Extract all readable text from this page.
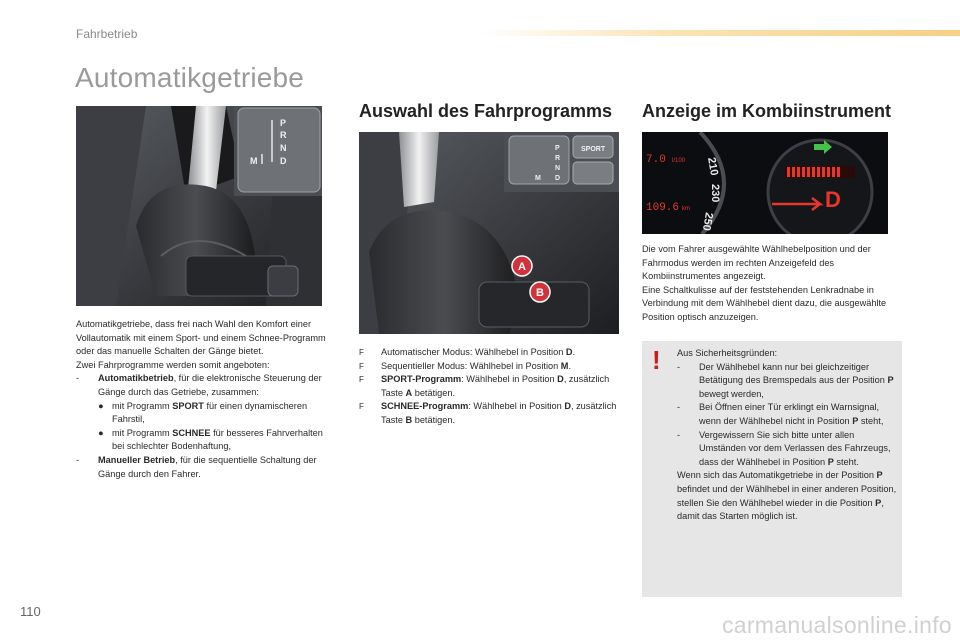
Fahrbetrieb
Automatikgetriebe
P
R
N
D
M
SPORT
P
R
N
D
M
A
B
7.0 l/100
109.6 km
210
230
250
D
Auswahl des Fahrprogramms Anzeige im Kombiinstrument

Automatikgetriebe, dass frei nach Wahl den Komfort einer Vollautomatik mit einem Sport- und einem Schnee-Programm oder das manuelle Schalten der Gänge bietet.

Zwei Fahrprogramme werden somit angeboten:

-	Automatikbetrieb, für die elektronische Steuerung der Gänge durch das Getriebe, zusammen:
● mit Programm SPORT für einen dynamischeren Fahrstil,
● mit Programm SCHNEE für besseres Fahrverhalten bei schlechter Bodenhaftung,
-	Manueller Betrieb, für die sequentielle Schaltung der Gänge durch den Fahrer.
F	Automatischer Modus: Wählhebel in Position D.
F	Sequentieller Modus: Wählhebel in Position M.
F	SPORT-Programm: Wählhebel in Position D, zusätzlich Taste A betätigen.
F	SCHNEE-Programm: Wählhebel in Position D, zusätzlich Taste B betätigen.

Die vom Fahrer ausgewählte Wählhebelposition und der Fahrmodus werden im rechten Anzeigefeld des Kombiinstrumentes angezeigt.

Eine Schaltkulisse auf der feststehenden Lenkradnabe in Verbindung mit dem Wählhebel dient dazu, die ausgewählte Position optisch anzuzeigen.

! Aus Sicherheitsgründen:

-	Der Wählhebel kann nur bei gleichzeitiger Betätigung des Bremspedals aus der Position P bewegt werden,
-	Bei Öffnen einer Tür erklingt ein Warnsignal, wenn der Wählhebel nicht in Position P steht,
-	Vergewissern Sie sich bitte unter allen Umständen vor dem Verlassen des Fahrzeugs, dass der Wählhebel in Position P steht.

Wenn sich das Automatikgetriebe in der Position P befindet und der Wählhebel in einer anderen Position, stellen Sie den Wählhebel wieder in die Position P, damit das Starten möglich ist.

110
carmanualsonline.info
